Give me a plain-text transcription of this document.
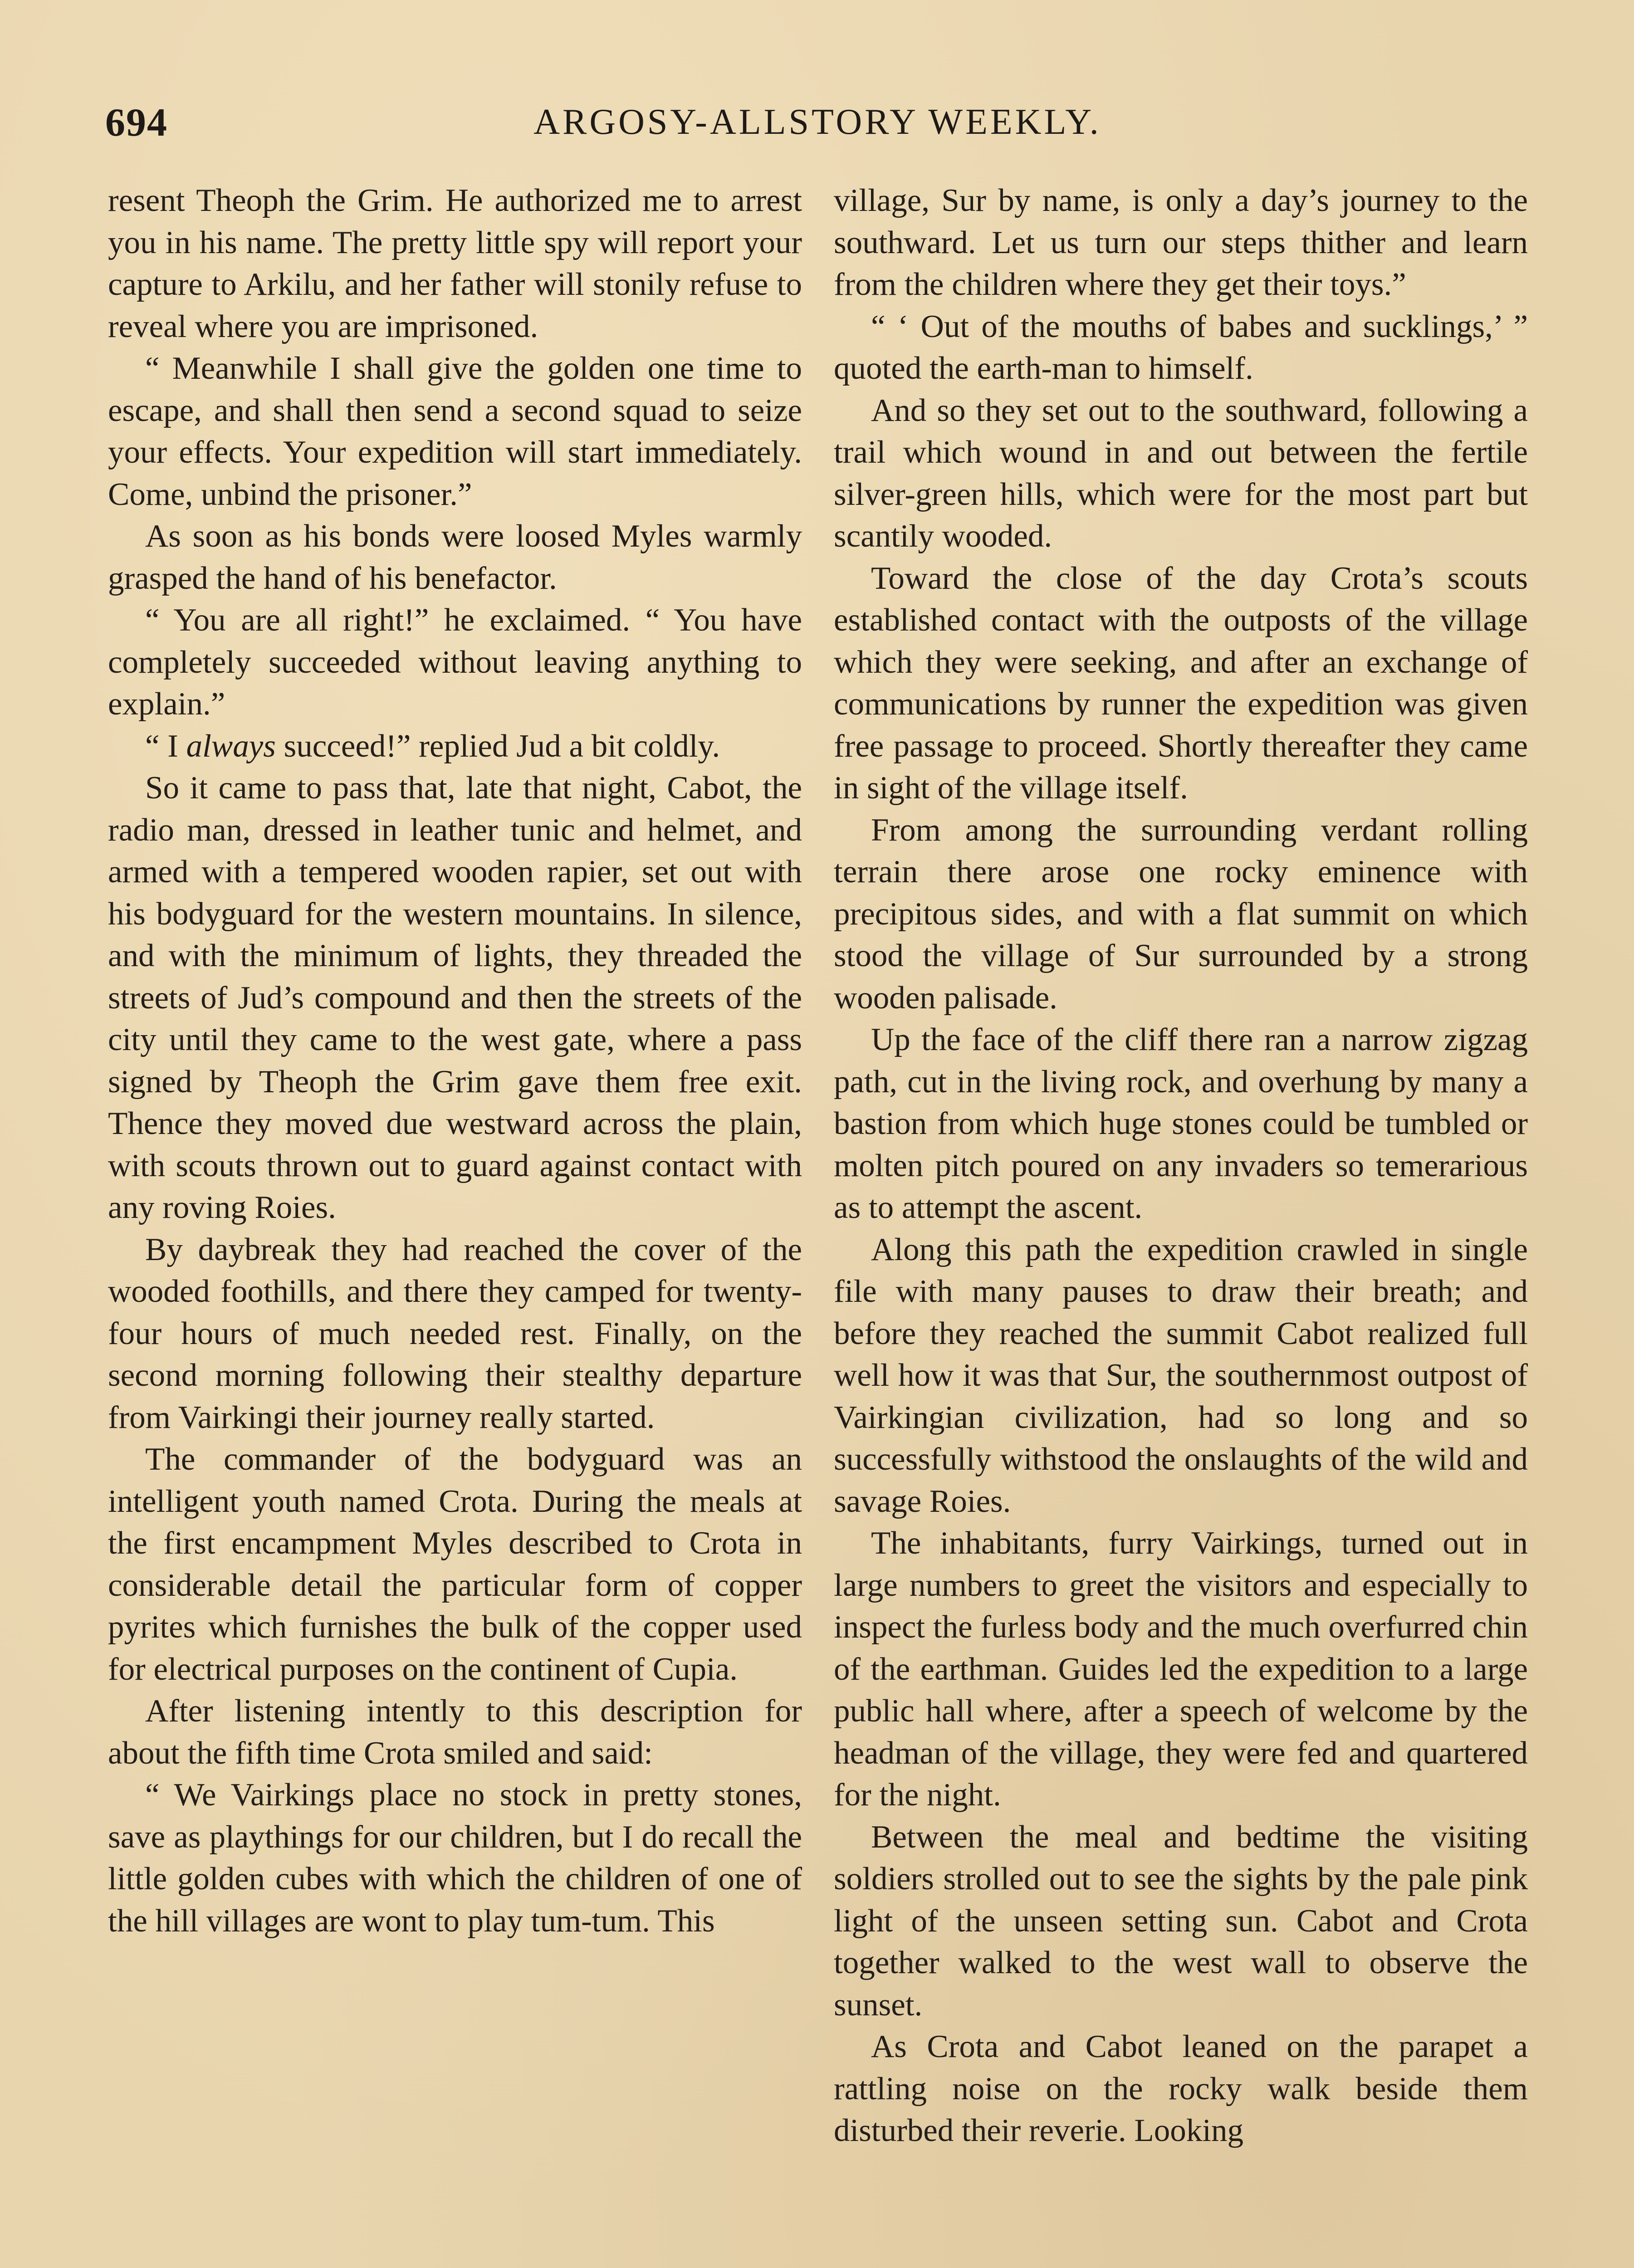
694	ARGOSY-ALLSTORY WEEKLY.

resent Theoph the Grim. He authorized me to arrest you in his name. The pretty little spy will report your capture to Arkilu, and her father will stonily refuse to reveal where you are imprisoned.

“ Meanwhile I shall give the golden one time to escape, and shall then send a second squad to seize your effects. Your expedition will start immediately. Come, unbind the prisoner.”

As soon as his bonds were loosed Myles warmly grasped the hand of his benefactor.

“ You are all right!” he exclaimed. “ You have completely succeeded without leaving anything to explain.”

“ I always succeed!” replied Jud a bit coldly.

So it came to pass that, late that night, Cabot, the radio man, dressed in leather tunic and helmet, and armed with a tempered wooden rapier, set out with his bodyguard for the western mountains. In silence, and with the minimum of lights, they threaded the streets of Jud’s compound and then the streets of the city until they came to the west gate, where a pass signed by Theoph the Grim gave them free exit. Thence they moved due westward across the plain, with scouts thrown out to guard against contact with any roving Roies.

By daybreak they had reached the cover of the wooded foothills, and there they camped for twenty-four hours of much needed rest. Finally, on the second morning following their stealthy departure from Vairkingi their journey really started.

The commander of the bodyguard was an intelligent youth named Crota. During the meals at the first encampment Myles described to Crota in considerable detail the particular form of copper pyrites which furnishes the bulk of the copper used for electrical purposes on the continent of Cupia.

After listening intently to this description for about the fifth time Crota smiled and said:

“ We Vairkings place no stock in pretty stones, save as playthings for our children, but I do recall the little golden cubes with which the children of one of the hill villages are wont to play tum-tum. This

village, Sur by name, is only a day’s journey to the southward. Let us turn our steps thither and learn from the children where they get their toys.”

“ ‘ Out of the mouths of babes and sucklings,’ ” quoted the earth-man to himself.

And so they set out to the southward, following a trail which wound in and out between the fertile silver-green hills, which were for the most part but scantily wooded.

Toward the close of the day Crota’s scouts established contact with the outposts of the village which they were seeking, and after an exchange of communications by runner the expedition was given free passage to proceed. Shortly thereafter they came in sight of the village itself.

From among the surrounding verdant rolling terrain there arose one rocky eminence with precipitous sides, and with a flat summit on which stood the village of Sur surrounded by a strong wooden palisade.

Up the face of the cliff there ran a narrow zigzag path, cut in the living rock, and overhung by many a bastion from which huge stones could be tumbled or molten pitch poured on any invaders so temerarious as to attempt the ascent.

Along this path the expedition crawled in single file with many pauses to draw their breath; and before they reached the summit Cabot realized full well how it was that Sur, the southernmost outpost of Vairkingian civilization, had so long and so successfully withstood the onslaughts of the wild and savage Roies.

The inhabitants, furry Vairkings, turned out in large numbers to greet the visitors and especially to inspect the furless body and the much overfurred chin of the earthman. Guides led the expedition to a large public hall where, after a speech of welcome by the headman of the village, they were fed and quartered for the night.

Between the meal and bedtime the visiting soldiers strolled out to see the sights by the pale pink light of the unseen setting sun. Cabot and Crota together walked to the west wall to observe the sunset.

As Crota and Cabot leaned on the parapet a rattling noise on the rocky walk beside them disturbed their reverie. Looking
